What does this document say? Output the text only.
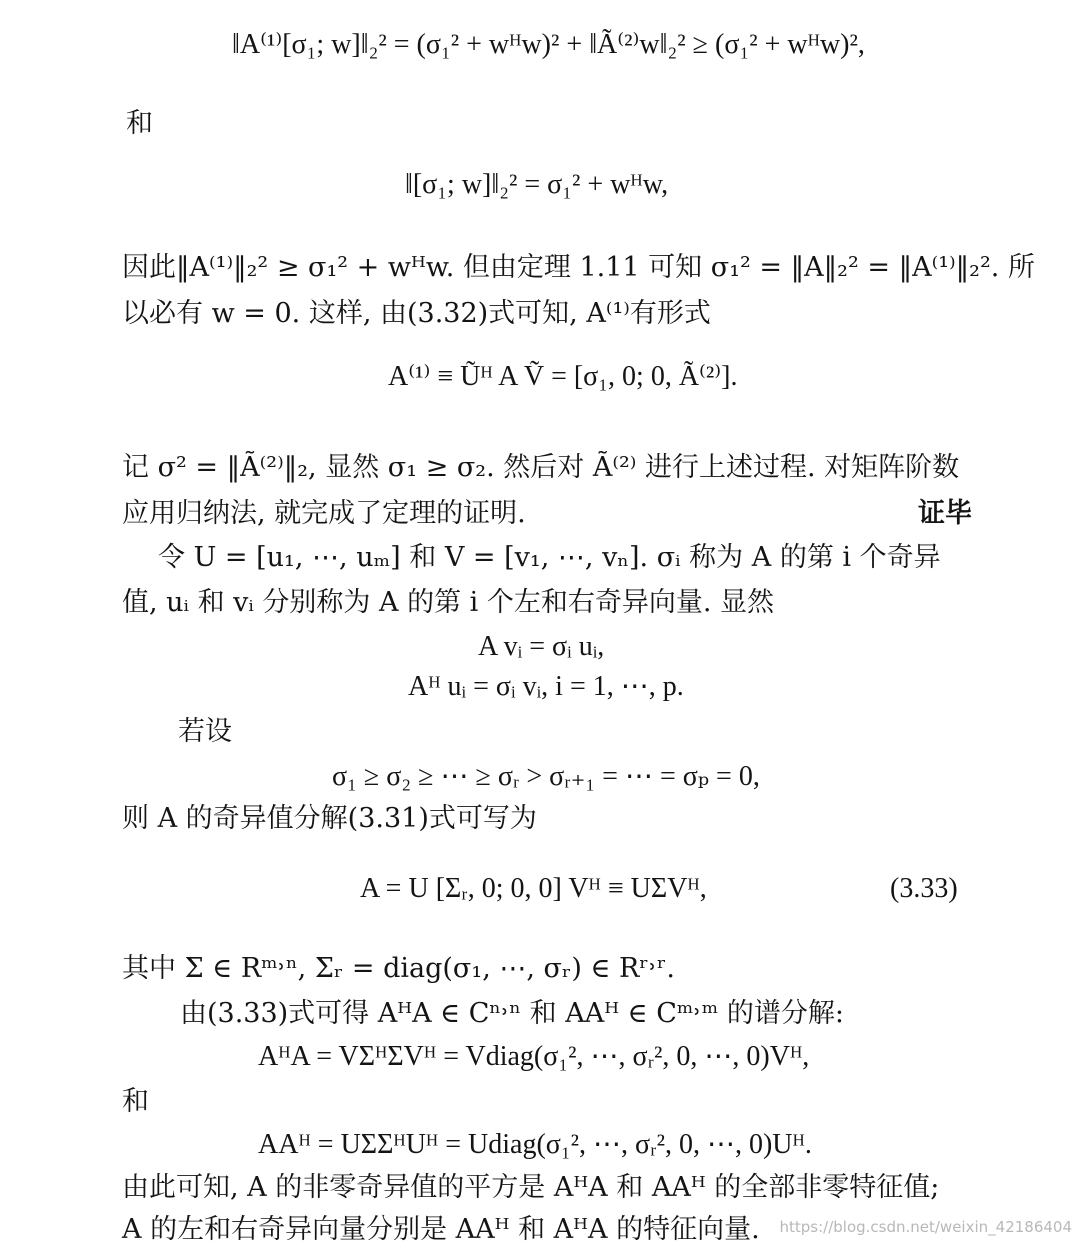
‖A⁽¹⁾[σ₁; w]‖₂² = (σ₁² + wᴴw)² + ‖Ã⁽²⁾w‖₂² ≥ (σ₁² + wᴴw)²,
和
‖[σ₁; w]‖₂² = σ₁² + wᴴw,
因此‖A⁽¹⁾‖₂² ≥ σ₁² + wᴴw. 但由定理 1.11 可知 σ₁² = ‖A‖₂² = ‖A⁽¹⁾‖₂². 所
以必有 w = 0. 这样, 由(3.32)式可知, A⁽¹⁾有形式
A⁽¹⁾ ≡ Ũᴴ A Ṽ = [σ₁, 0; 0, Ã⁽²⁾].
记 σ² = ‖Ã⁽²⁾‖₂, 显然 σ₁ ≥ σ₂. 然后对 Ã⁽²⁾ 进行上述过程. 对矩阵阶数
应用归纳法, 就完成了定理的证明.	证毕
令 U = [u₁, ⋯, uₘ] 和 V = [v₁, ⋯, vₙ]. σᵢ 称为 A 的第 i 个奇异
值, uᵢ 和 vᵢ 分别称为 A 的第 i 个左和右奇异向量. 显然
A vᵢ = σᵢ uᵢ,
Aᴴ uᵢ = σᵢ vᵢ, i = 1, ⋯, p.
若设
σ₁ ≥ σ₂ ≥ ⋯ ≥ σᵣ > σᵣ₊₁ = ⋯ = σₚ = 0,
则 A 的奇异值分解(3.31)式可写为
A = U [Σᵣ, 0; 0, 0] Vᴴ ≡ UΣVᴴ,	(3.33)
其中 Σ ∈ Rᵐ˒ⁿ, Σᵣ = diag(σ₁, ⋯, σᵣ) ∈ Rʳ˒ʳ.
由(3.33)式可得 AᴴA ∈ Cⁿ˒ⁿ 和 AAᴴ ∈ Cᵐ˒ᵐ 的谱分解:
AᴴA = VΣᴴΣVᴴ = Vdiag(σ₁², ⋯, σᵣ², 0, ⋯, 0)Vᴴ,
和
AAᴴ = UΣΣᴴUᴴ = Udiag(σ₁², ⋯, σᵣ², 0, ⋯, 0)Uᴴ.
由此可知, A 的非零奇异值的平方是 AᴴA 和 AAᴴ 的全部非零特征值;
A 的左和右奇异向量分别是 AAᴴ 和 AᴴA 的特征向量. https://blog.csdn.net/weixin_42186404
